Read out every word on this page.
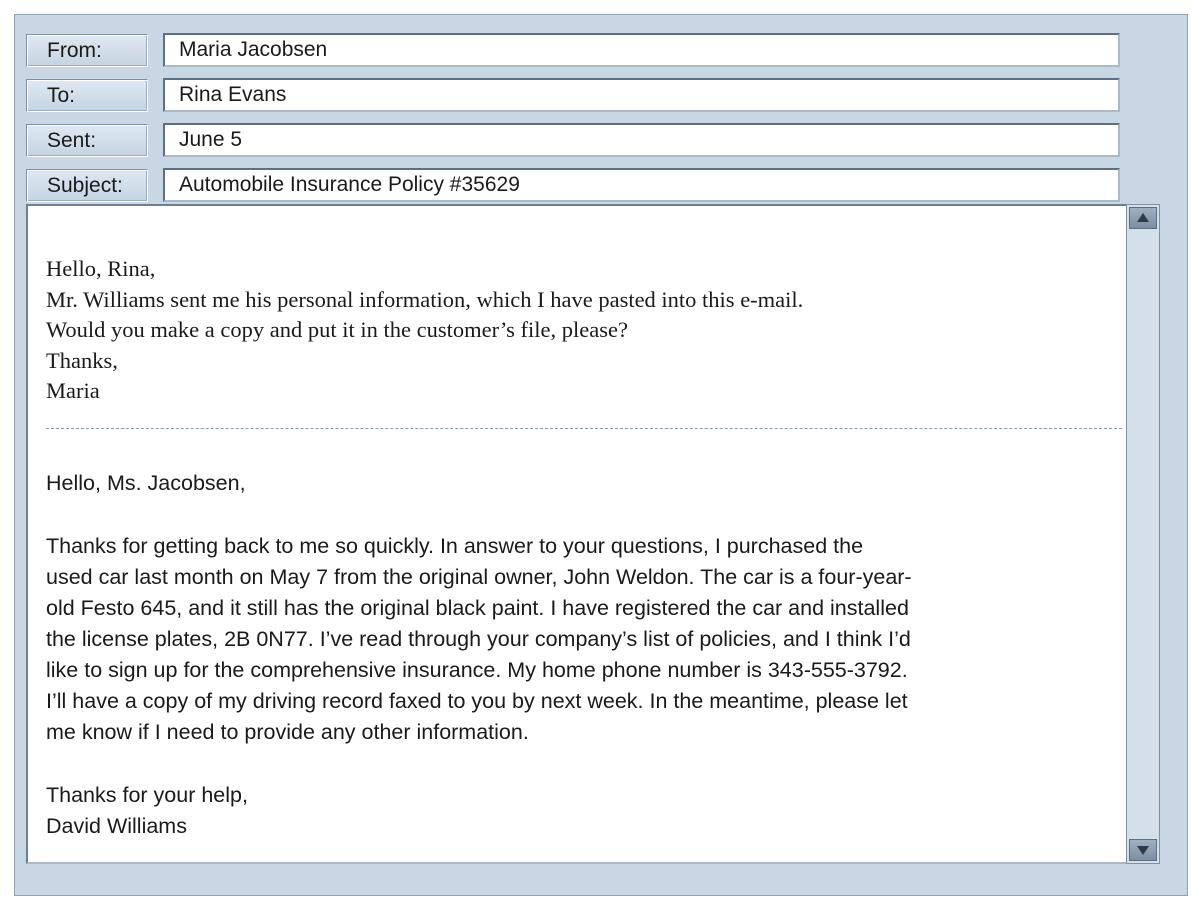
From:	Maria Jacobsen
To:	Rina Evans
Sent:	June 5
Subject:	Automobile Insurance Policy #35629
Hello, Rina,
Mr. Williams sent me his personal information, which I have pasted into this e-mail.
Would you make a copy and put it in the customer’s file, please?
Thanks,
Maria
Hello, Ms. Jacobsen,
Thanks for getting back to me so quickly. In answer to your questions, I purchased the
used car last month on May 7 from the original owner, John Weldon. The car is a four-year-
old Festo 645, and it still has the original black paint. I have registered the car and installed
the license plates, 2B 0N77. I’ve read through your company’s list of policies, and I think I’d
like to sign up for the comprehensive insurance. My home phone number is 343-555-3792.
I’ll have a copy of my driving record faxed to you by next week. In the meantime, please let
me know if I need to provide any other information.
Thanks for your help,
David Williams
